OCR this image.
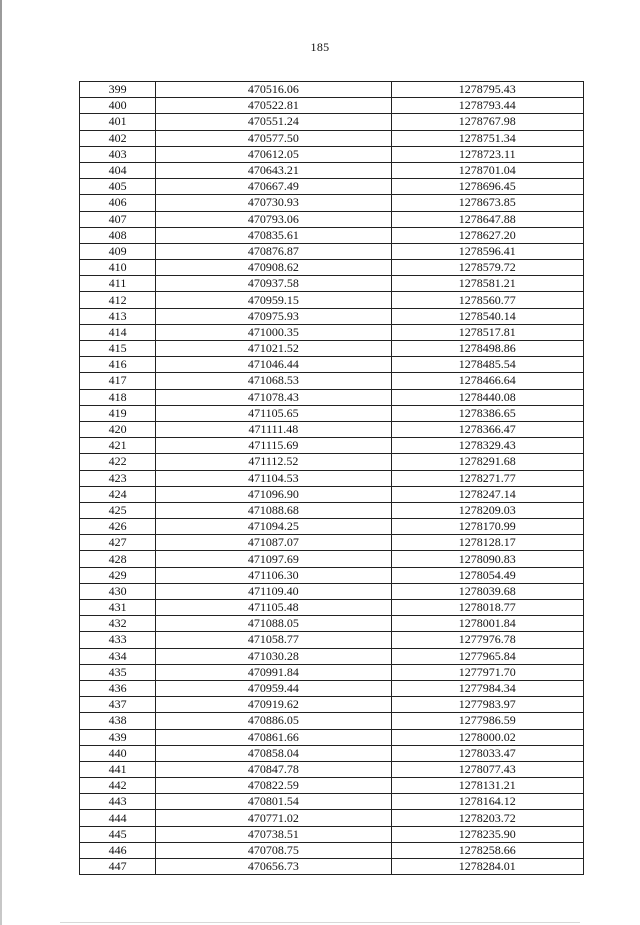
185
399	470516.06	1278795.43
400	470522.81	1278793.44
401	470551.24	1278767.98
402	470577.50	1278751.34
403	470612.05	1278723.11
404	470643.21	1278701.04
405	470667.49	1278696.45
406	470730.93	1278673.85
407	470793.06	1278647.88
408	470835.61	1278627.20
409	470876.87	1278596.41
410	470908.62	1278579.72
411	470937.58	1278581.21
412	470959.15	1278560.77
413	470975.93	1278540.14
414	471000.35	1278517.81
415	471021.52	1278498.86
416	471046.44	1278485.54
417	471068.53	1278466.64
418	471078.43	1278440.08
419	471105.65	1278386.65
420	471111.48	1278366.47
421	471115.69	1278329.43
422	471112.52	1278291.68
423	471104.53	1278271.77
424	471096.90	1278247.14
425	471088.68	1278209.03
426	471094.25	1278170.99
427	471087.07	1278128.17
428	471097.69	1278090.83
429	471106.30	1278054.49
430	471109.40	1278039.68
431	471105.48	1278018.77
432	471088.05	1278001.84
433	471058.77	1277976.78
434	471030.28	1277965.84
435	470991.84	1277971.70
436	470959.44	1277984.34
437	470919.62	1277983.97
438	470886.05	1277986.59
439	470861.66	1278000.02
440	470858.04	1278033.47
441	470847.78	1278077.43
442	470822.59	1278131.21
443	470801.54	1278164.12
444	470771.02	1278203.72
445	470738.51	1278235.90
446	470708.75	1278258.66
447	470656.73	1278284.01
